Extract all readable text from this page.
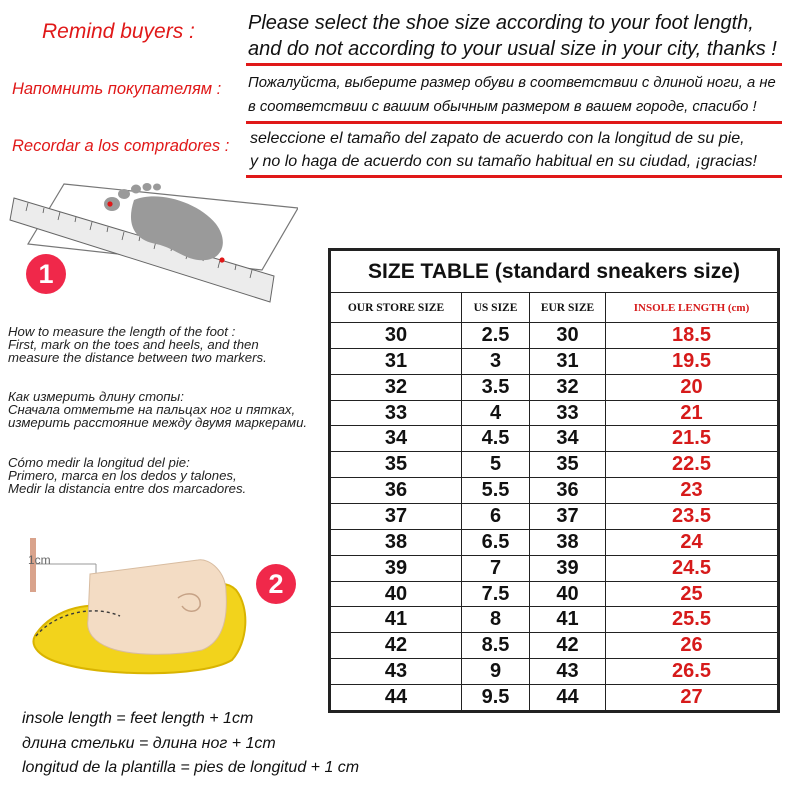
Remind buyers :	Please select the shoe size according to your foot length,
and do not according to your usual size in your city, thanks !
Напомнить покупателям : Пожалуйста, выберите размер обуви в соответствии с длиной ноги, а не
в соответствии с вашим обычным размером в вашем городе, спасибо !
Recordar a los compradores : seleccione el tamaño del zapato de acuerdo con la longitud de su pie,
y no lo haga de acuerdo con su tamaño habitual en su ciudad, ¡gracias!
1
How to measure the length of the foot :
First, mark on the toes and heels, and then
measure the distance between two markers.
Как измерить длину стопы:
Сначала отметьте на пальцах ног и пятках,
измерить расстояние между двумя маркерами.
Cómo medir la longitud del pie:
Primero, marca en los dedos y talones,
Medir la distancia entre dos marcadores.
1cm
2
insole length = feet length + 1cm
длина стельки = длина ног + 1cm
longitud de la plantilla = pies de longitud + 1 cm
SIZE TABLE (standard sneakers size)			
OUR STORE SIZE	US SIZE	EUR SIZE	INSOLE LENGTH (cm)
30	2.5	30	18.5
31	3	31	19.5
32	3.5	32	20
33	4	33	21
34	4.5	34	21.5
35	5	35	22.5
36	5.5	36	23
37	6	37	23.5
38	6.5	38	24
39	7	39	24.5
40	7.5	40	25
41	8	41	25.5
42	8.5	42	26
43	9	43	26.5
44	9.5	44	27
